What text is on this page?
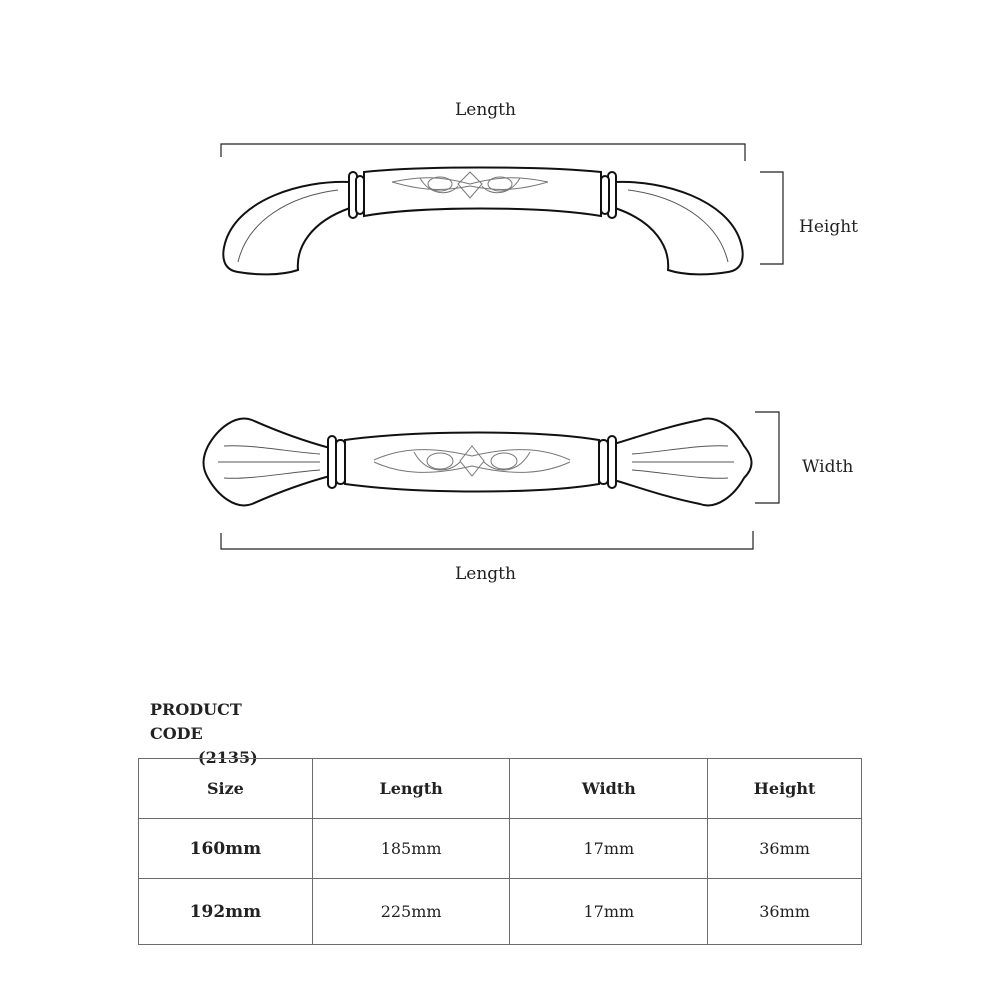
Length
Height
Width
Length
PRODUCT CODE
(2135)
Size	Length	Width	Height
160mm	185mm	17mm	36mm
192mm	225mm	17mm	36mm
